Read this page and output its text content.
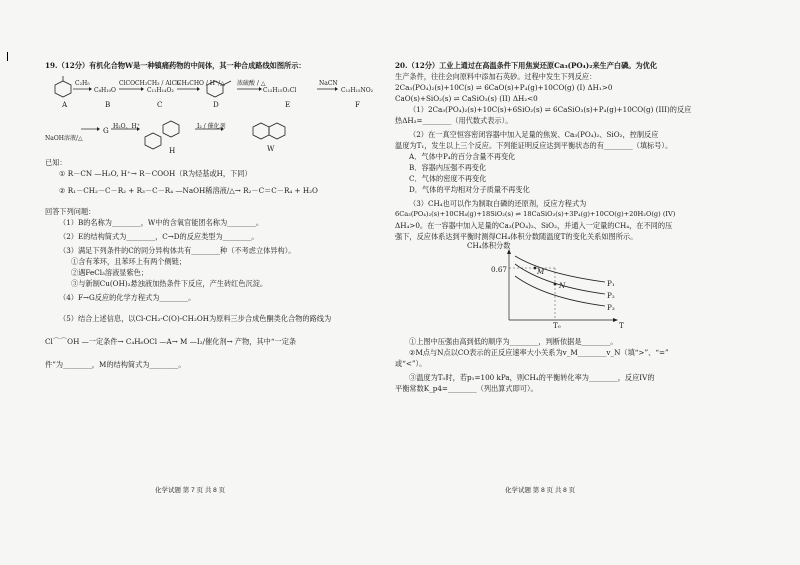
19.（12分）有机化合物W是一种镇痛药物的中间体，其一种合成路线如图所示：
A	B	C	D	E	F
C₂H₅
C₈H₁₀O
ClCOCH₂CH₃ / AlCl₃
C₁₁H₁₄O₂
CH₃CHO / H⁺/△ 浓硫酸 / △
C₁₂H₁₅O₂Cl
NaCN
C₁₃H₁₅NO₂
NaOH溶液/△
G H₂O、H⁺
H
I₂ / 催化剂
W
已知：
① R－CN —H₂O, H⁺→ R－COOH（R为烃基或H，下同）
② R₁－CH₂－C－R₂ + R₃－C－R₄ —NaOH稀溶液/△→ R₂－C＝C－R₄ + H₂O
回答下列问题：
（1）B的名称为________，W中的含氧官能团名称为________。
（2）E的结构简式为________，C→D的反应类型为________。
（3）满足下列条件的C的同分异构体共有________种（不考虑立体异构）。
①含有苯环，且苯环上有两个侧链；
②遇FeCl₃溶液显紫色；
③与新制Cu(OH)₂悬浊液加热条件下反应，产生砖红色沉淀。
（4）F→G反应的化学方程式为________。
（5）结合上述信息，以Cl-CH₂-C(O)-CH₂OH为原料三步合成色酮类化合物的路线为
Cl⌒⌒OH —一定条件→ C₄H₆OCl —A→ M —I₂/催化剂→ 产物，其中“一定条
件”为________，M的结构简式为________。
化学试题 第 7 页 共 8 页
20.（12分）工业上通过在高温条件下用焦炭还原Ca₃(PO₄)₂来生产白磷。为优化
生产条件，往往会向原料中添加石英砂。过程中发生下列反应：
2Ca₃(PO₄)₂(s)+10C(s) ⇌ 6CaO(s)+P₄(g)+10CO(g) (I) ΔH₁>0
CaO(s)+SiO₂(s) ⇌ CaSiO₃(s) (II) ΔH₂<0
（1）2Ca₃(PO₄)₂(s)+10C(s)+6SiO₂(s) ⇌ 6CaSiO₃(s)+P₄(g)+10CO(g) (III)的反应
热ΔH₃=________（用代数式表示）。
（2）在一真空恒容密闭容器中加入足量的焦炭、Ca₃(PO₄)₂、SiO₂，控制反应
温度为T₁，发生以上三个反应。下列能证明反应达到平衡状态的有________（填标号）。
A．气体中P₄的百分含量不再变化
B．容器内压强不再变化
C．气体的密度不再变化
D．气体的平均相对分子质量不再变化
（3）CH₄也可以作为制取白磷的还原剂，反应方程式为
6Ca₃(PO₄)₂(s)+10CH₄(g)+18SiO₂(s) ⇌ 18CaSiO₃(s)+3P₄(g)+10CO(g)+20H₂O(g) (IV)
ΔH₄>0。在一容器中加入足量的Ca₃(PO₄)₂、SiO₂，并通入一定量的CH₄，在不同的压
强下，反应体系达到平衡时测得CH₄体积分数随温度T的变化关系如图所示。
CH₄体积分数
0.67
T₀	T
M
N	P₁
P₂
P₃
①上图中压强由高到低的顺序为________，判断依据是________。
②M点与N点以CO表示的正反应速率大小关系为v_M________v_N（填“>”、“=”
或“<”）。
③温度为T₀时，若p₁=100 kPa，则CH₄的平衡转化率为________，反应IV的
平衡常数K_p4=________（列出算式即可）。
化学试题 第 8 页 共 8 页
